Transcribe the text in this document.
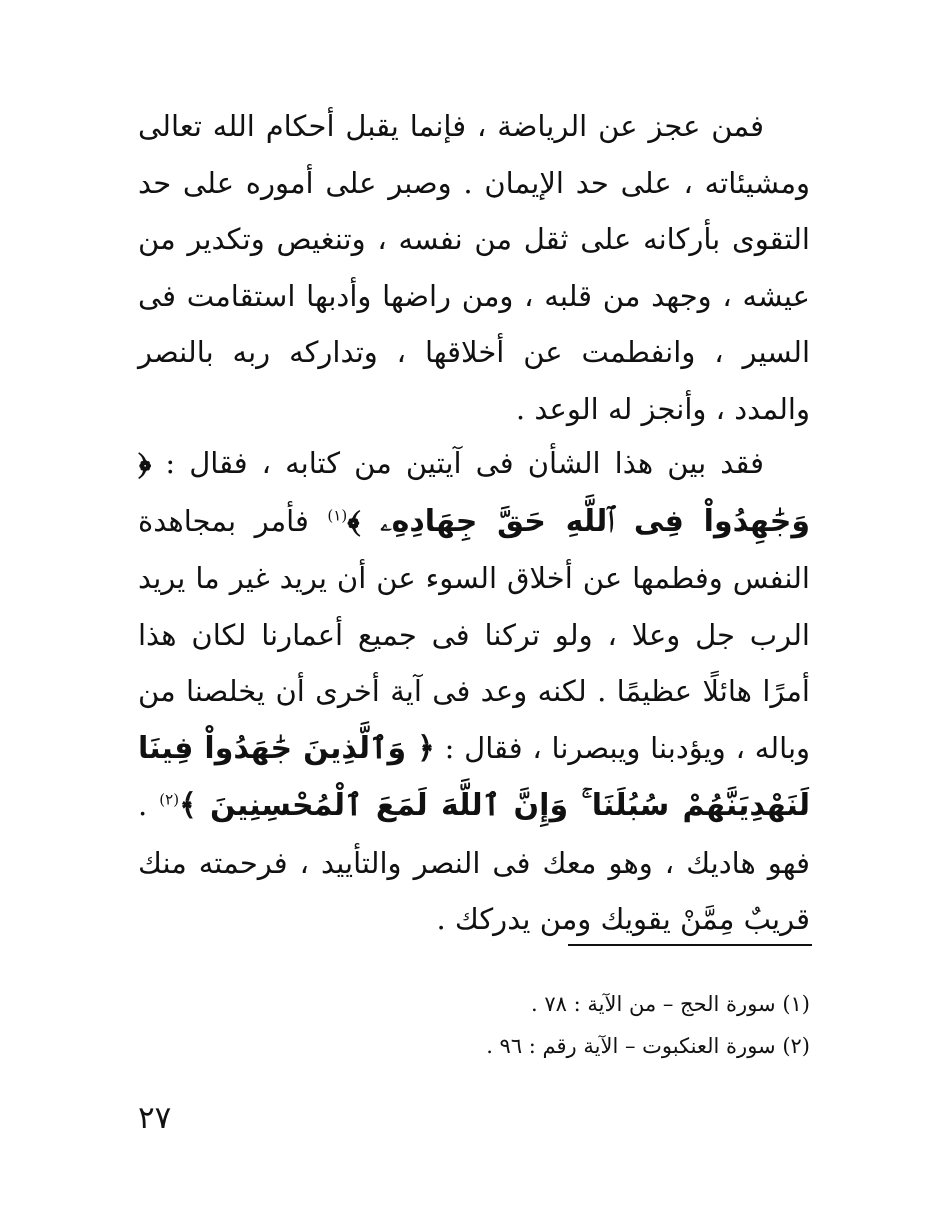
فمن عجز عن الرياضة ، فإنما يقبل أحكام الله تعالى ومشيئاته ، على حد الإيمان . وصبر على أموره على حد التقوى بأركانه على ثقل من نفسه ، وتنغيص وتكدير من عيشه ، وجهد من قلبه ، ومن راضها وأدبها استقامت فى السير ، وانفطمت عن أخلاقها ، وتداركه ربه بالنصر والمدد ، وأنجز له الوعد .

فقد بين هذا الشأن فى آيتين من كتابه ، فقال : ﴿ وَجَٰهِدُواْ فِى ٱللَّهِ حَقَّ جِهَادِهِۦ ﴾$^{(١)}$ فأمر بمجاهدة النفس وفطمها عن أخلاق السوء عن أن يريد غير ما يريد الرب جل وعلا ، ولو تركنا فى جميع أعمارنا لكان هذا أمرًا هائلًا عظيمًا . لكنه وعد فى آية أخرى أن يخلصنا من وباله ، ويؤدبنا ويبصرنا ، فقال : ﴿ وَٱلَّذِينَ جَٰهَدُواْ فِينَا لَنَهْدِيَنَّهُمْ سُبُلَنَا ۚ وَإِنَّ ٱللَّهَ لَمَعَ ٱلْمُحْسِنِينَ ﴾$^{(٢)}$ . فهو هاديك ، وهو معك فى النصر والتأييد ، فرحمته منك قريبٌ مِمَّنْ يقويك ومن يدركك .

(١) سورة الحج – من الآية : ٧٨ .
(٢) سورة العنكبوت – الآية رقم : ٩٦ .
٢٧
